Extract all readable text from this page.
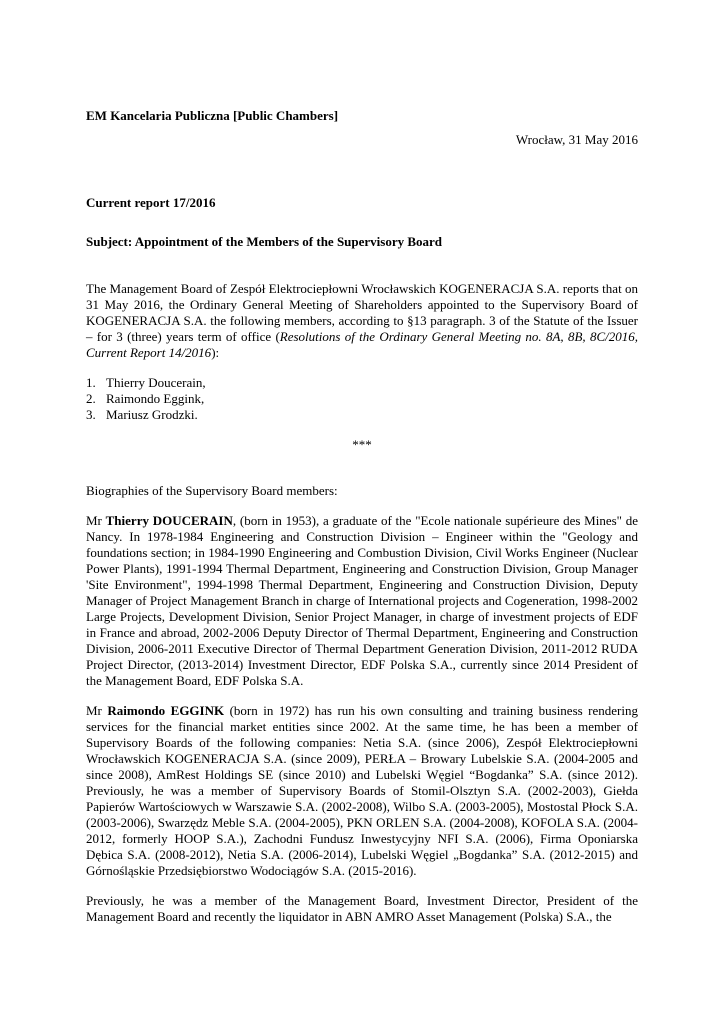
EM Kancelaria Publiczna [Public Chambers]

Wrocław, 31 May 2016

Current report 17/2016

Subject: Appointment of the Members of the Supervisory Board

The Management Board of Zespół Elektrociepłowni Wrocławskich KOGENERACJA S.A. reports that on 31 May 2016, the Ordinary General Meeting of Shareholders appointed to the Supervisory Board of KOGENERACJA S.A. the following members, according to §13 paragraph. 3 of the Statute of the Issuer – for 3 (three) years term of office (Resolutions of the Ordinary General Meeting no. 8A, 8B, 8C/2016, Current Report 14/2016):

1. Thierry Doucerain,
2. Raimondo Eggink,
3. Mariusz Grodzki.

***

Biographies of the Supervisory Board members:

Mr Thierry DOUCERAIN, (born in 1953), a graduate of the "Ecole nationale supérieure des Mines" de Nancy. In 1978-1984 Engineering and Construction Division – Engineer within the "Geology and foundations section; in 1984-1990 Engineering and Combustion Division, Civil Works Engineer (Nuclear Power Plants), 1991-1994 Thermal Department, Engineering and Construction Division, Group Manager 'Site Environment", 1994-1998 Thermal Department, Engineering and Construction Division, Deputy Manager of Project Management Branch in charge of International projects and Cogeneration, 1998-2002 Large Projects, Development Division, Senior Project Manager, in charge of investment projects of EDF in France and abroad, 2002-2006 Deputy Director of Thermal Department, Engineering and Construction Division, 2006-2011 Executive Director of Thermal Department Generation Division, 2011-2012 RUDA Project Director, (2013-2014) Investment Director, EDF Polska S.A., currently since 2014 President of the Management Board, EDF Polska S.A.

Mr Raimondo EGGINK (born in 1972) has run his own consulting and training business rendering services for the financial market entities since 2002. At the same time, he has been a member of Supervisory Boards of the following companies: Netia S.A. (since 2006), Zespół Elektrociepłowni Wrocławskich KOGENERACJA S.A. (since 2009), PERŁA – Browary Lubelskie S.A. (2004-2005 and since 2008), AmRest Holdings SE (since 2010) and Lubelski Węgiel “Bogdanka” S.A. (since 2012). Previously, he was a member of Supervisory Boards of Stomil-Olsztyn S.A. (2002-2003), Giełda Papierów Wartościowych w Warszawie S.A. (2002-2008), Wilbo S.A. (2003-2005), Mostostal Płock S.A. (2003-2006), Swarzędz Meble S.A. (2004-2005), PKN ORLEN S.A. (2004-2008), KOFOLA S.A. (2004-2012, formerly HOOP S.A.), Zachodni Fundusz Inwestycyjny NFI S.A. (2006), Firma Oponiarska Dębica S.A. (2008-2012), Netia S.A. (2006-2014), Lubelski Węgiel „Bogdanka” S.A. (2012-2015) and Górnośląskie Przedsiębiorstwo Wodociągów S.A. (2015-2016).

Previously, he was a member of the Management Board, Investment Director, President of the Management Board and recently the liquidator in ABN AMRO Asset Management (Polska) S.A., the
